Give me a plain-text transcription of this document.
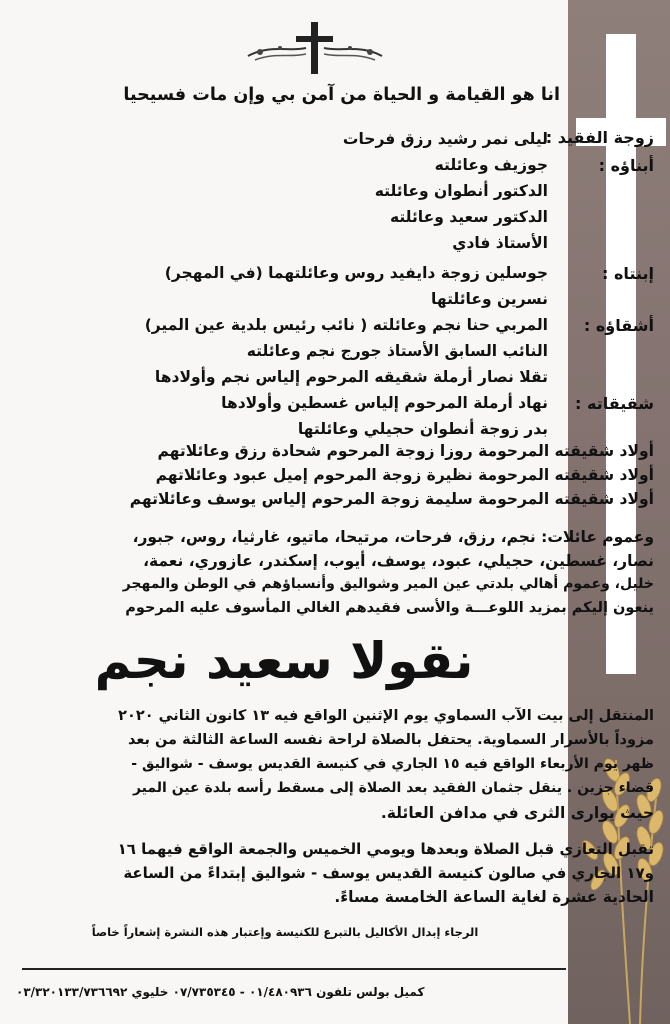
انا هو القيامة و الحياة من آمن بي وإن مات فسيحيا
زوجة الفقيد :
ليلى نمر رشيد رزق فرحات
أبناؤه :
جوزيف وعائلته
الدكتور أنطوان وعائلته
الدكتور سعيد وعائلته
الأستاذ فادي
إبنتاه :
جوسلين زوجة دايفيد روس وعائلتهما (في المهجر)
نسرين وعائلتها
أشقاؤه :
المربي حنا نجم وعائلته ( نائب رئيس بلدية عين المير)
النائب السابق الأستاذ جورج نجم وعائلته
تقلا نصار أرملة شقيقه المرحوم إلياس نجم وأولادها
شقيقاته :
نهاد أرملة المرحوم إلياس غسطين وأولادها
بدر زوجة أنطوان حجيلي وعائلتها
أولاد شقيقته المرحومة روزا زوجة المرحوم شحادة رزق وعائلاتهم
أولاد شقيقته المرحومة نظيرة زوجة المرحوم إميل عبود وعائلاتهم
أولاد شقيقته المرحومة سليمة زوجة المرحوم إلياس يوسف وعائلاتهم
وعموم عائلات: نجم، رزق، فرحات، مرتيحا، ماتيو، غارثيا، روس، جبور،
نصار، غسطين، حجيلي، عبود، يوسف، أيوب، إسكندر، عازوري، نعمة،
خليل، وعموم أهالي بلدتي عين المير وشواليق وأنسباؤهم في الوطن والمهجر
ينعون إليكم بمزيد اللوعـــة والأسى فقيدهم الغالي المأسوف عليه المرحوم
نقولا سعيد نجم
المنتقل إلى بيت الآب السماوي يوم الإثنين الواقع فيه ١٣ كانون الثاني ٢٠٢٠
مزوداً بالأسرار السماوية. يحتفل بالصلاة لراحة نفسه الساعة الثالثة من بعد
ظهر يوم الأربعاء الواقع فيه ١٥ الجاري في كنيسة القديس يوسف - شواليق -
قضاء جزين . ينقل جثمان الفقيد بعد الصلاة إلى مسقط رأسه بلدة عين المير
حيث يوارى الثرى في مدافن العائلة.
تقبل التعازي قبل الصلاة وبعدها ويومي الخميس والجمعة الواقع فيهما ١٦
و١٧ الجاري في صالون كنيسة القديس يوسف - شواليق إبتداءً من الساعة
الحادية عشرة لغاية الساعة الخامسة مساءً.
الرجاء إبدال الأكاليل بالتبرع للكنيسة وإعتبار هذه النشرة إشعاراً خاصاً
كميل بولس تلفون ٠١/٤٨٠٩٣٦ - ٠٧/٧٣٥٣٤٥ خليوي ٠٣/٣٢٠١٣٣/٧٣٦٦٩٢
